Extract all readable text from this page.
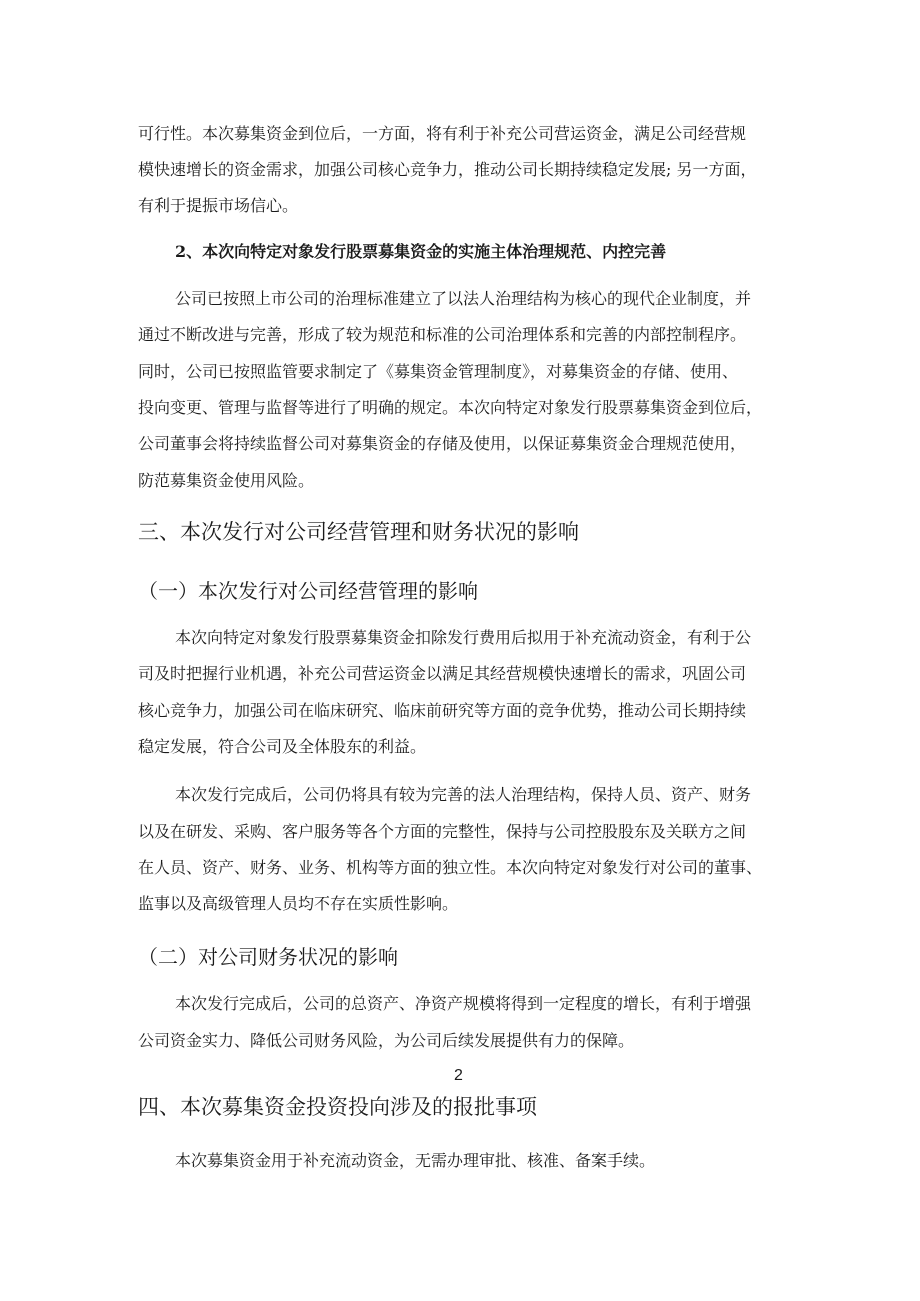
可行性。本次募集资金到位后，一方面，将有利于补充公司营运资金，满足公司经营规
模快速增长的资金需求，加强公司核心竞争力，推动公司长期持续稳定发展; 另一方面，
有利于提振市场信心。
2、本次向特定对象发行股票募集资金的实施主体治理规范、内控完善
公司已按照上市公司的治理标准建立了以法人治理结构为核心的现代企业制度，并
通过不断改进与完善，形成了较为规范和标准的公司治理体系和完善的内部控制程序。
同时，公司已按照监管要求制定了《募集资金管理制度》，对募集资金的存储、使用、
投向变更、管理与监督等进行了明确的规定。本次向特定对象发行股票募集资金到位后，
公司董事会将持续监督公司对募集资金的存储及使用，以保证募集资金合理规范使用，
防范募集资金使用风险。
三、本次发行对公司经营管理和财务状况的影响
（一）本次发行对公司经营管理的影响
本次向特定对象发行股票募集资金扣除发行费用后拟用于补充流动资金，有利于公
司及时把握行业机遇，补充公司营运资金以满足其经营规模快速增长的需求，巩固公司
核心竞争力，加强公司在临床研究、临床前研究等方面的竞争优势，推动公司长期持续
稳定发展，符合公司及全体股东的利益。
本次发行完成后，公司仍将具有较为完善的法人治理结构，保持人员、资产、财务
以及在研发、采购、客户服务等各个方面的完整性，保持与公司控股股东及关联方之间
在人员、资产、财务、业务、机构等方面的独立性。本次向特定对象发行对公司的董事、
监事以及高级管理人员均不存在实质性影响。
（二）对公司财务状况的影响
本次发行完成后，公司的总资产、净资产规模将得到一定程度的增长，有利于增强
公司资金实力、降低公司财务风险，为公司后续发展提供有力的保障。
2
四、本次募集资金投资投向涉及的报批事项
本次募集资金用于补充流动资金，无需办理审批、核准、备案手续。
